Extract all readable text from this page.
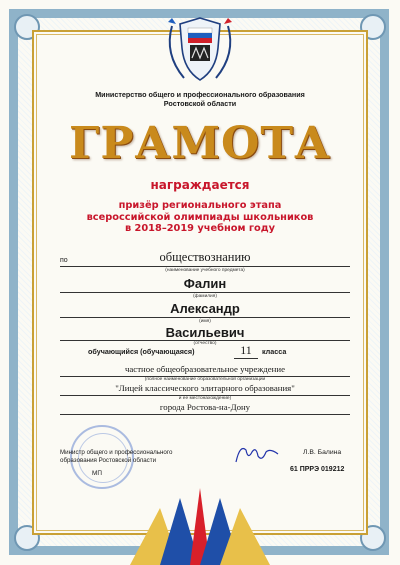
Министерство общего и профессионального образования
Ростовской области
ГРАМОТА
награждается
призёр регионального этапа
всероссийской олимпиады школьников
в 2018–2019 учебном году
по	обществознанию
(наименование учебного предмета)
Фалин
(фамилия)
Александр
(имя)
Васильевич
(отчество)
обучающийся (обучающаяся)	11	класса
частное общеобразовательное учреждение
(полное наименование образовательной организации
"Лицей классического элитарного образования"
и ее местонахождение)
города Ростова-на-Дону
Министр общего и профессионального
образования Ростовской области
Л.В. Балина
МП
61 ПРРЭ 019212
